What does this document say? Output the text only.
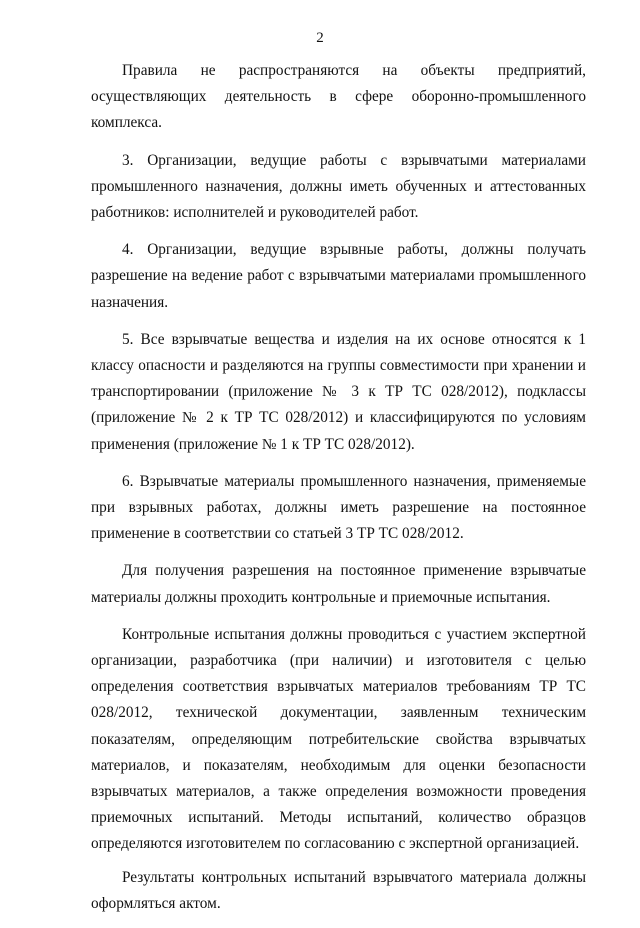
2

Правила не распространяются на объекты предприятий, осуществляющих деятельность в сфере оборонно-промышленного комплекса.

3. Организации, ведущие работы с взрывчатыми материалами промышленного назначения, должны иметь обученных и аттестованных работников: исполнителей и руководителей работ.

4. Организации, ведущие взрывные работы, должны получать разрешение на ведение работ с взрывчатыми материалами промышленного назначения.

5. Все взрывчатые вещества и изделия на их основе относятся к 1 классу опасности и разделяются на группы совместимости при хранении и транспортировании (приложение № 3 к ТР ТС 028/2012), подклассы (приложение № 2 к ТР ТС 028/2012) и классифицируются по условиям применения (приложение № 1 к ТР ТС 028/2012).

6. Взрывчатые материалы промышленного назначения, применяемые при взрывных работах, должны иметь разрешение на постоянное применение в соответствии со статьей 3 ТР ТС 028/2012.

Для получения разрешения на постоянное применение взрывчатые материалы должны проходить контрольные и приемочные испытания.

Контрольные испытания должны проводиться с участием экспертной организации, разработчика (при наличии) и изготовителя с целью определения соответствия взрывчатых материалов требованиям ТР ТС 028/2012, технической документации, заявленным техническим показателям, определяющим потребительские свойства взрывчатых материалов, и показателям, необходимым для оценки безопасности взрывчатых материалов, а также определения возможности проведения приемочных испытаний. Методы испытаний, количество образцов определяются изготовителем по согласованию с экспертной организацией.

Результаты контрольных испытаний взрывчатого материала должны оформляться актом.
